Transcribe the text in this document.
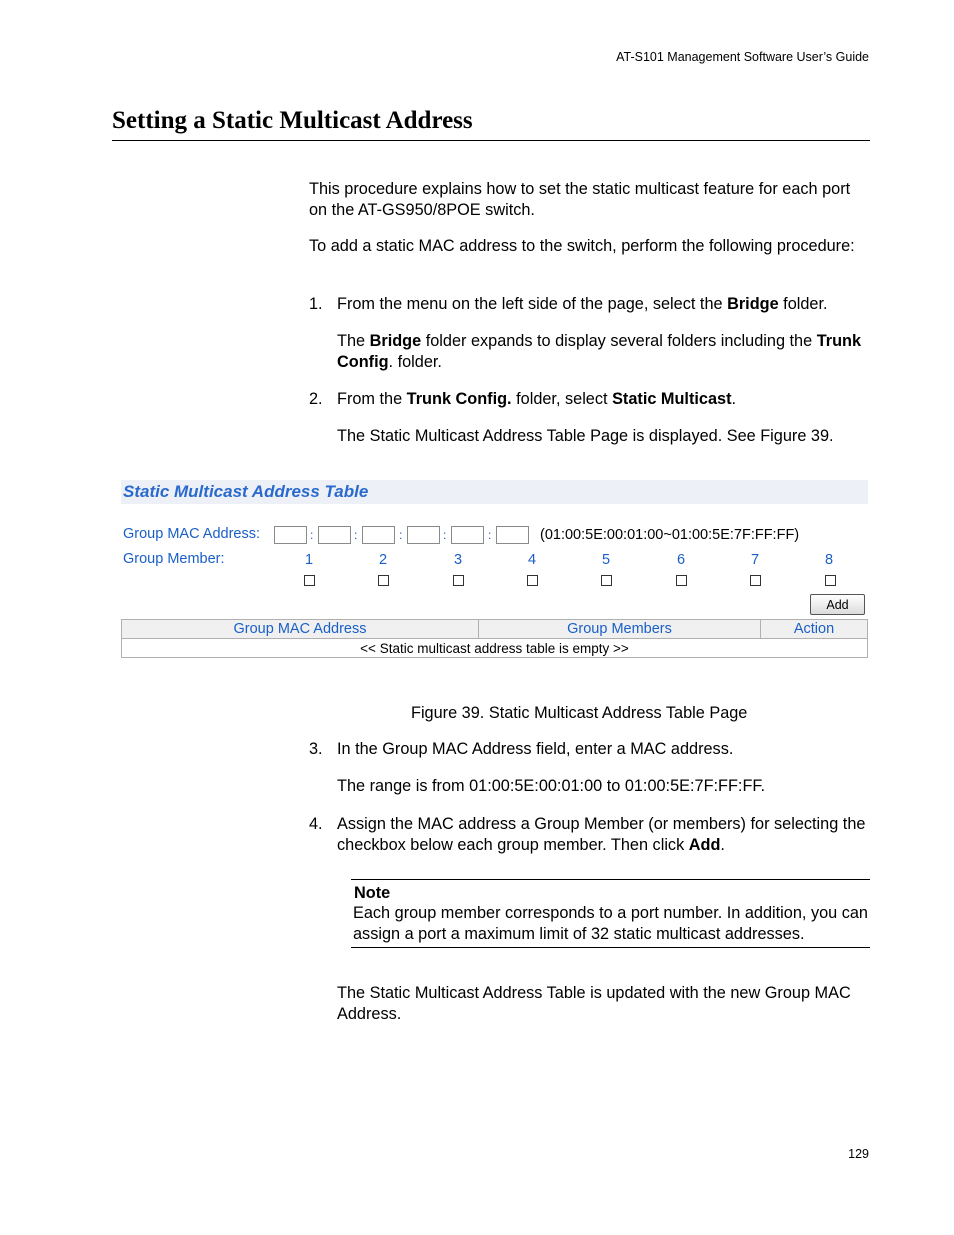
AT-S101 Management Software User’s Guide
Setting a Static Multicast Address
This procedure explains how to set the static multicast feature for each port on the AT-GS950/8POE switch.
To add a static MAC address to the switch, perform the following procedure:
1. From the menu on the left side of the page, select the Bridge folder.
The Bridge folder expands to display several folders including the Trunk Config. folder.
2. From the Trunk Config. folder, select Static Multicast.
The Static Multicast Address Table Page is displayed. See Figure 39.
Static Multicast Address Table
Group MAC Address:	:	:	:	:	:	(01:00:5E:00:01:00~01:00:5E:7F:FF:FF)
Group Member:	1	2	3	4	5	6	7	8
Add
Group MAC Address	Group Members	Action
<< Static multicast address table is empty >>
Figure 39. Static Multicast Address Table Page
3. In the Group MAC Address field, enter a MAC address.
The range is from 01:00:5E:00:01:00 to 01:00:5E:7F:FF:FF.
4. Assign the MAC address a Group Member (or members) for selecting the checkbox below each group member. Then click Add.
Note
Each group member corresponds to a port number. In addition, you can assign a port a maximum limit of 32 static multicast addresses.
The Static Multicast Address Table is updated with the new Group MAC Address.
129
